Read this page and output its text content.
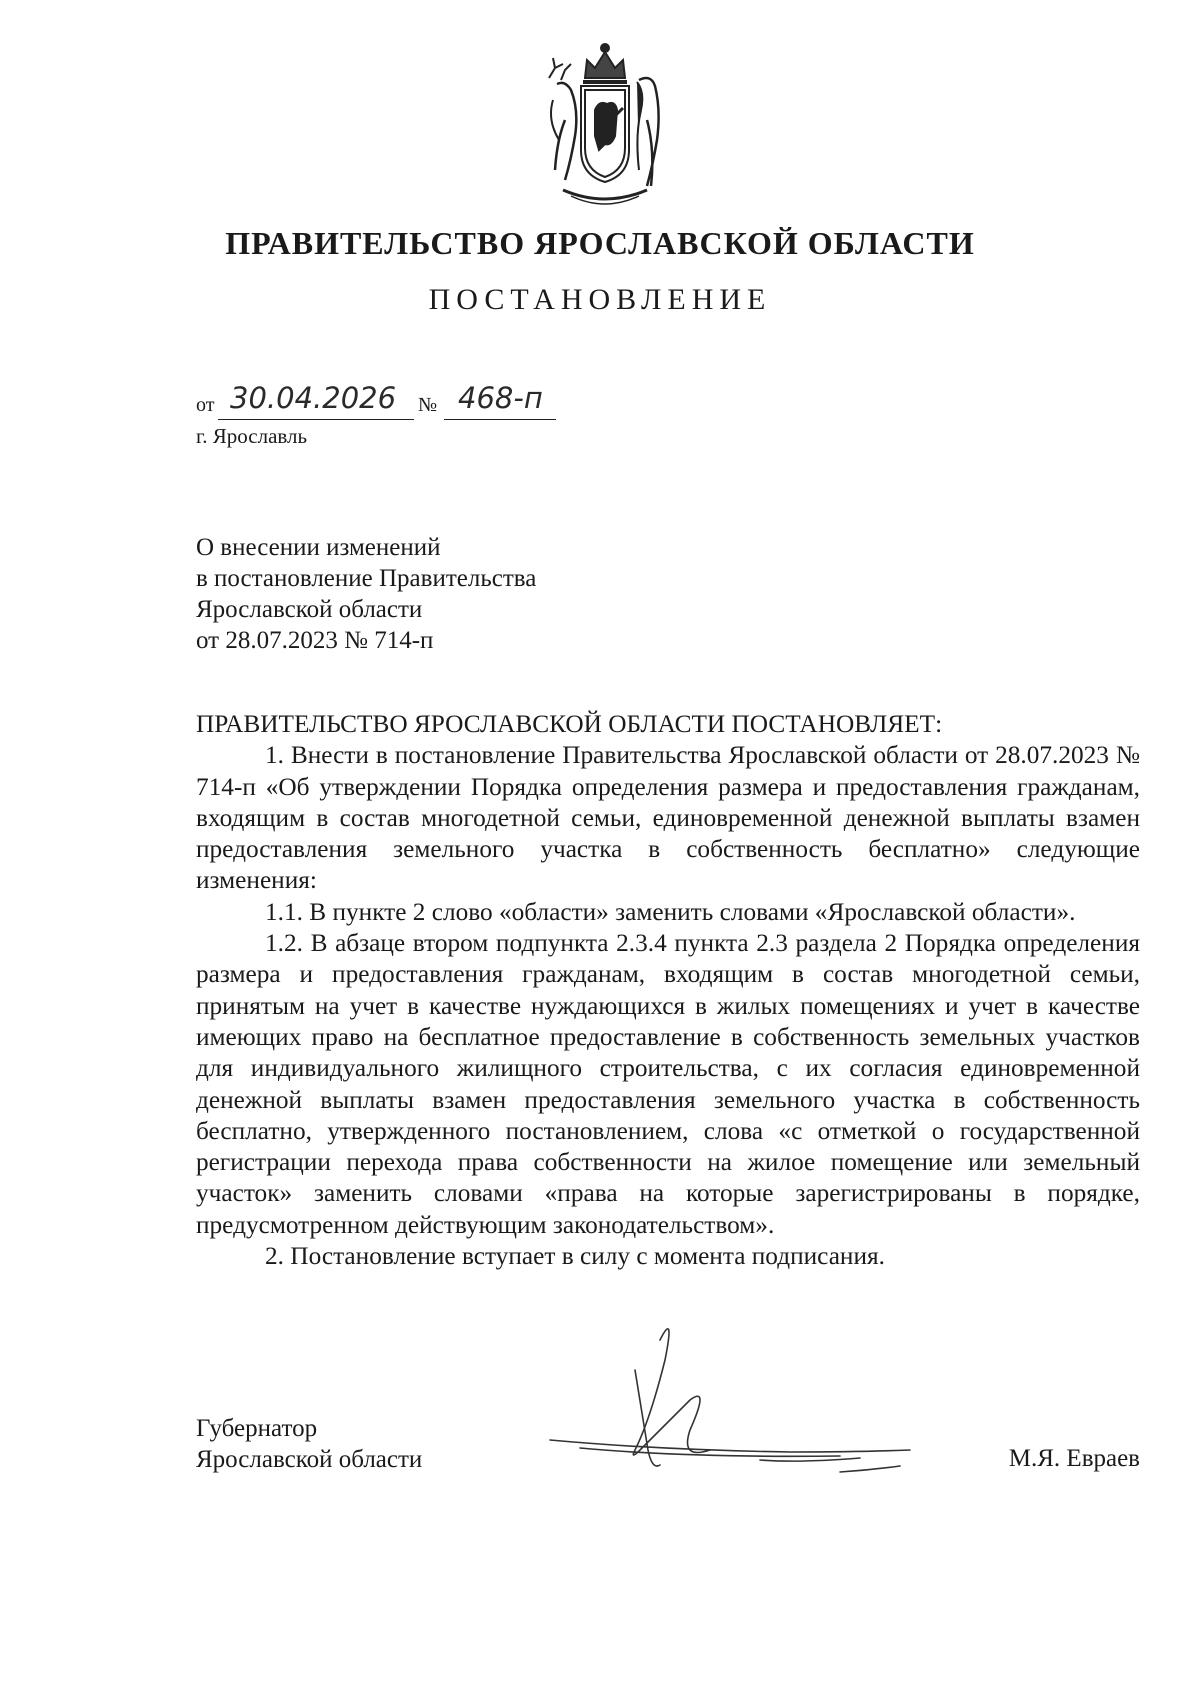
ПРАВИТЕЛЬСТВО ЯРОСЛАВСКОЙ ОБЛАСТИ
ПОСТАНОВЛЕНИЕ
от 30.04.2026 № 468-п
г. Ярославль
О внесении изменений
в постановление Правительства
Ярославской области
от 28.07.2023 № 714-п

ПРАВИТЕЛЬСТВО ЯРОСЛАВСКОЙ ОБЛАСТИ ПОСТАНОВЛЯЕТ:

1. Внести в постановление Правительства Ярославской области от 28.07.2023 № 714-п «Об утверждении Порядка определения размера и предоставления гражданам, входящим в состав многодетной семьи, единовременной денежной выплаты взамен предоставления земельного участка в собственность бесплатно» следующие изменения:

1.1. В пункте 2 слово «области» заменить словами «Ярославской области».

1.2. В абзаце втором подпункта 2.3.4 пункта 2.3 раздела 2 Порядка определения размера и предоставления гражданам, входящим в состав многодетной семьи, принятым на учет в качестве нуждающихся в жилых помещениях и учет в качестве имеющих право на бесплатное предоставление в собственность земельных участков для индивидуального жилищного строительства, с их согласия единовременной денежной выплаты взамен предоставления земельного участка в собственность бесплатно, утвержденного постановлением, слова «с отметкой о государственной регистрации перехода права собственности на жилое помещение или земельный участок» заменить словами «права на которые зарегистрированы в порядке, предусмотренном действующим законодательством».

2. Постановление вступает в силу с момента подписания.

Губернатор
Ярославской области	М.Я. Евраев
